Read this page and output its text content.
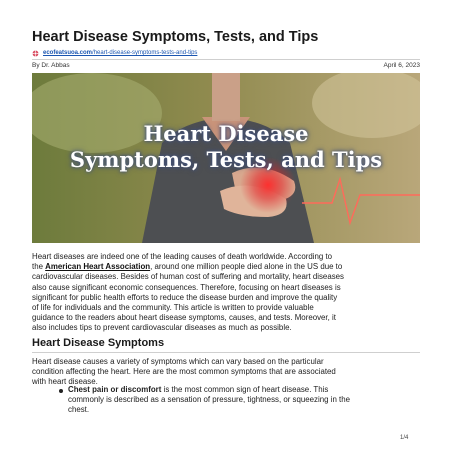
Heart Disease Symptoms, Tests, and Tips
ecofeatsuoa.com /heart-disease-symptoms-tests-and-tips
By Dr. Abbas	April 6, 2023
Heart Disease
Symptoms, Tests, and Tips
Heart diseases are indeed one of the leading causes of death worldwide. According to
the American Heart Association, around one million people died alone in the US due to
cardiovascular diseases. Besides of human cost of suffering and mortality, heart diseases
also cause significant economic consequences. Therefore, focusing on heart diseases is
significant for public health efforts to reduce the disease burden and improve the quality
of life for individuals and the community. This article is written to provide valuable
guidance to the readers about heart disease symptoms, causes, and tests. Moreover, it
also includes tips to prevent cardiovascular diseases as much as possible.
Heart Disease Symptoms
Heart disease causes a variety of symptoms which can vary based on the particular
condition affecting the heart. Here are the most common symptoms that are associated
with heart disease.
Chest pain or discomfort is the most common sign of heart disease. This
commonly is described as a sensation of pressure, tightness, or squeezing in the
chest.
1/4
